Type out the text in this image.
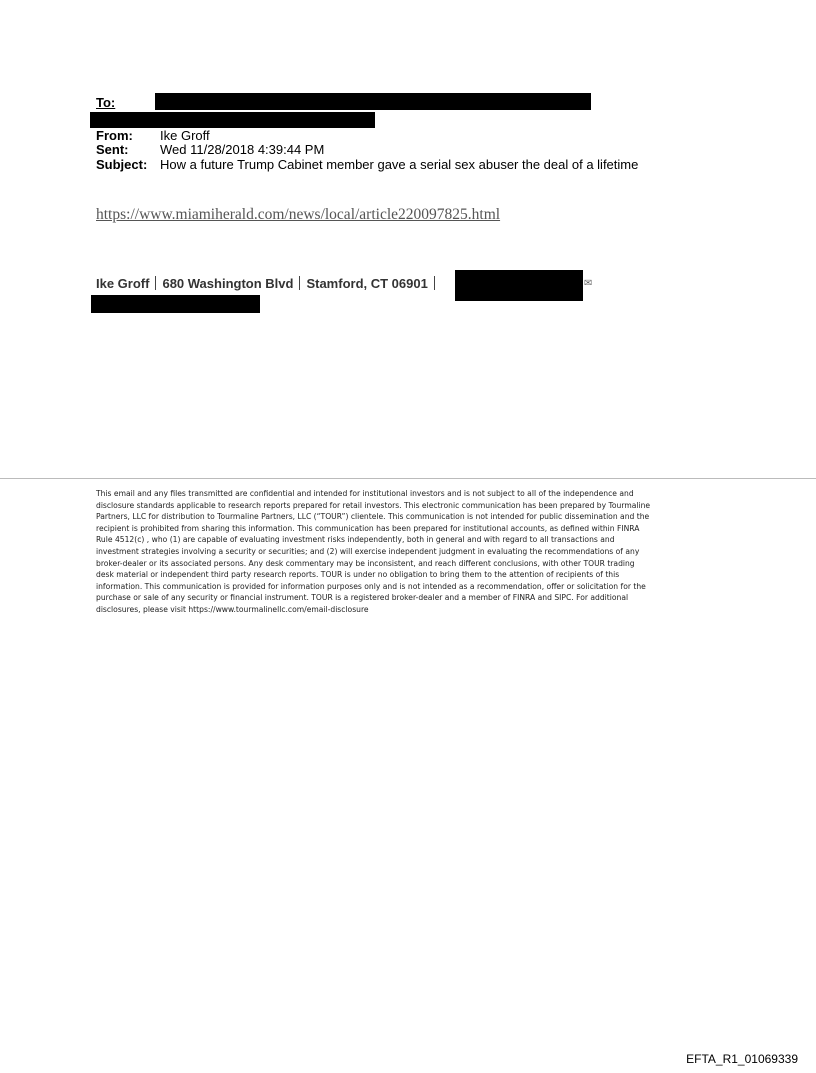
To:
From: Ike Groff
Sent: Wed 11/28/2018 4:39:44 PM
Subject: How a future Trump Cabinet member gave a serial sex abuser the deal of a lifetime
https://www.miamiherald.com/news/local/article220097825.html
Ike Groff 680 Washington Blvd Stamford, CT 06901	✉
This email and any files transmitted are confidential and intended for institutional investors and is not subject to all of the independence and
disclosure standards applicable to research reports prepared for retail investors. This electronic communication has been prepared by Tourmaline
Partners, LLC for distribution to Tourmaline Partners, LLC (“TOUR”) clientele. This communication is not intended for public dissemination and the
recipient is prohibited from sharing this information. This communication has been prepared for institutional accounts, as defined within FINRA
Rule 4512(c) , who (1) are capable of evaluating investment risks independently, both in general and with regard to all transactions and
investment strategies involving a security or securities; and (2) will exercise independent judgment in evaluating the recommendations of any
broker-dealer or its associated persons. Any desk commentary may be inconsistent, and reach different conclusions, with other TOUR trading
desk material or independent third party research reports. TOUR is under no obligation to bring them to the attention of recipients of this
information. This communication is provided for information purposes only and is not intended as a recommendation, offer or solicitation for the
purchase or sale of any security or financial instrument. TOUR is a registered broker-dealer and a member of FINRA and SIPC. For additional
disclosures, please visit https://www.tourmalinellc.com/email-disclosure
EFTA_R1_01069339
